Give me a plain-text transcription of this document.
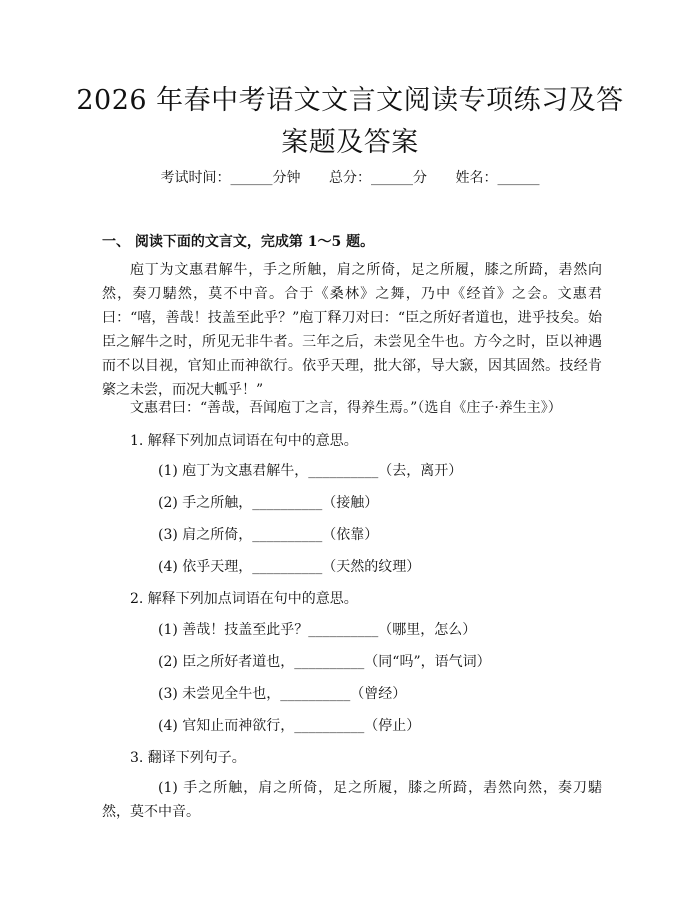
2026 年春中考语文文言文阅读专项练习及答
案题及答案
考试时间：______分钟 总分：______分 姓名：______
一、 阅读下面的文言文，完成第 1～5 题。
庖丁为文惠君解牛，手之所触，肩之所倚，足之所履，膝之所踦，砉然向然，奏刀騞然，莫不中音。合于《桑林》之舞，乃中《经首》之会。文惠君曰：“嘻，善哉！技盖至此乎？”庖丁释刀对曰：“臣之所好者道也，进乎技矣。始臣之解牛之时，所见无非牛者。三年之后，未尝见全牛也。方今之时，臣以神遇而不以目视，官知止而神欲行。依乎天理，批大郤，导大窾，因其固然。技经肯綮之未尝，而况大軱乎！”
文惠君曰：“善哉，吾闻庖丁之言，得养生焉。”（选自《庄子·养生主》）
1. 解释下列加点词语在句中的意思。
(1) 庖丁为文惠君解牛，__________（去，离开）
(2) 手之所触，__________（接触）
(3) 肩之所倚，__________（依靠）
(4) 依乎天理，__________（天然的纹理）
2. 解释下列加点词语在句中的意思。
(1) 善哉！技盖至此乎？__________（哪里，怎么）
(2) 臣之所好者道也，__________（同“吗”，语气词）
(3) 未尝见全牛也，__________（曾经）
(4) 官知止而神欲行，__________（停止）
3. 翻译下列句子。
(1) 手之所触，肩之所倚，足之所履，膝之所踦，砉然向然，奏刀騞然，莫不中音。
